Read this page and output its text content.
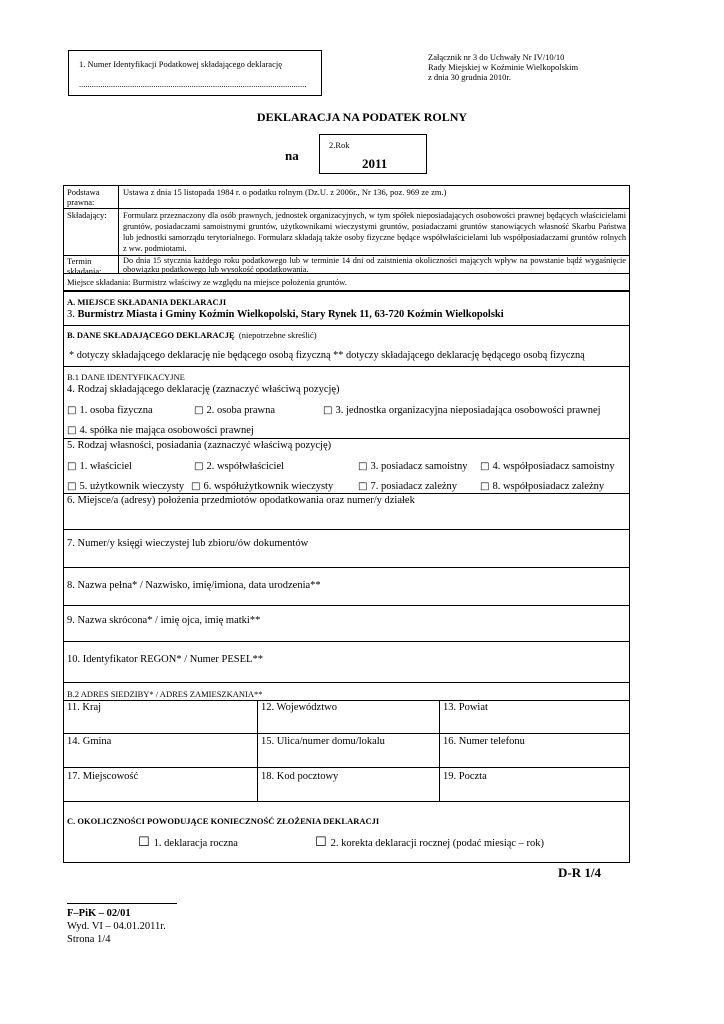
1. Numer Identyfikacji Podatkowej składającego deklarację
...........................................................................................................
Załącznik nr 3 do Uchwały Nr IV/10/10
Rady Miejskiej w Koźminie Wielkopolskim
z dnia 30 grudnia 2010r.
DEKLARACJA NA PODATEK ROLNY
na
2.Rok
2011
Podstawa prawna:
Ustawa z dnia 15 listopada 1984 r. o podatku rolnym (Dz.U. z 2006r., Nr 136, poz. 969 ze zm.)
Składający:	Formularz przeznaczony dla osób prawnych, jednostek organizacyjnych, w tym spółek nieposiadających osobowości prawnej będących właścicielami gruntów, posiadaczami samoistnymi gruntów, użytkownikami wieczystymi gruntów, posiadaczami gruntów stanowiących własność Skarbu Państwa lub jednostki samorządu terytorialnego. Formularz składają także osoby fizyczne będące współwłaścicielami lub współposiadaczami gruntów rolnych z ww. podmiotami.
Termin składania:
Do dnia 15 stycznia każdego roku podatkowego lub w terminie 14 dni od zaistnienia okoliczności mających wpływ na powstanie bądź wygaśnięcie obowiązku podatkowego lub wysokość opodatkowania.
Miejsce składania: Burmistrz właściwy ze względu na miejsce położenia gruntów.
A. MIEJSCE SKŁADANIA DEKLARACJI
3. Burmistrz Miasta i Gminy Koźmin Wielkopolski, Stary Rynek 11, 63-720 Koźmin Wielkopolski
B. DANE SKŁADAJĄCEGO DEKLARACJĘ (niepotrzebne skreślić)
* dotyczy składającego deklarację nie będącego osobą fizyczną ** dotyczy składającego deklarację będącego osobą fizyczną
B.1 DANE IDENTYFIKACYJNE
4. Rodzaj składającego deklarację (zaznaczyć właściwą pozycję)
□ 1. osoba fizyczna	□ 2. osoba prawna	□ 3. jednostka organizacyjna nieposiadająca osobowości prawnej
□ 4. spółka nie mająca osobowości prawnej
5. Rodzaj własności, posiadania (zaznaczyć właściwą pozycję)
□ 1. właściciel	□ 2. współwłaściciel	□ 3. posiadacz samoistny □ 4. współposiadacz samoistny
□ 5. użytkownik wieczysty □ 6. współużytkownik wieczysty □ 7. posiadacz zależny □ 8. współposiadacz zależny
6. Miejsce/a (adresy) położenia przedmiotów opodatkowania oraz numer/y działek
7. Numer/y księgi wieczystej lub zbioru/ów dokumentów
8. Nazwa pełna* / Nazwisko, imię/imiona, data urodzenia**
9. Nazwa skrócona* / imię ojca, imię matki**
10. Identyfikator REGON* / Numer PESEL**
B.2 ADRES SIEDZIBY* / ADRES ZAMIESZKANIA**
11. Kraj	12. Województwo	13. Powiat
14. Gmina	15. Ulica/numer domu/lokalu	16. Numer telefonu
17. Miejscowość	18. Kod pocztowy	19. Poczta
C. OKOLICZNOŚCI POWODUJĄCE KONIECZNOŚĆ ZŁOŻENIA DEKLARACJI
☐ 1. deklaracja roczna	☐ 2. korekta deklaracji rocznej (podać miesiąc – rok)
D-R 1/4
F–PiK – 02/01
Wyd. VI – 04.01.2011r.
Strona 1/4
